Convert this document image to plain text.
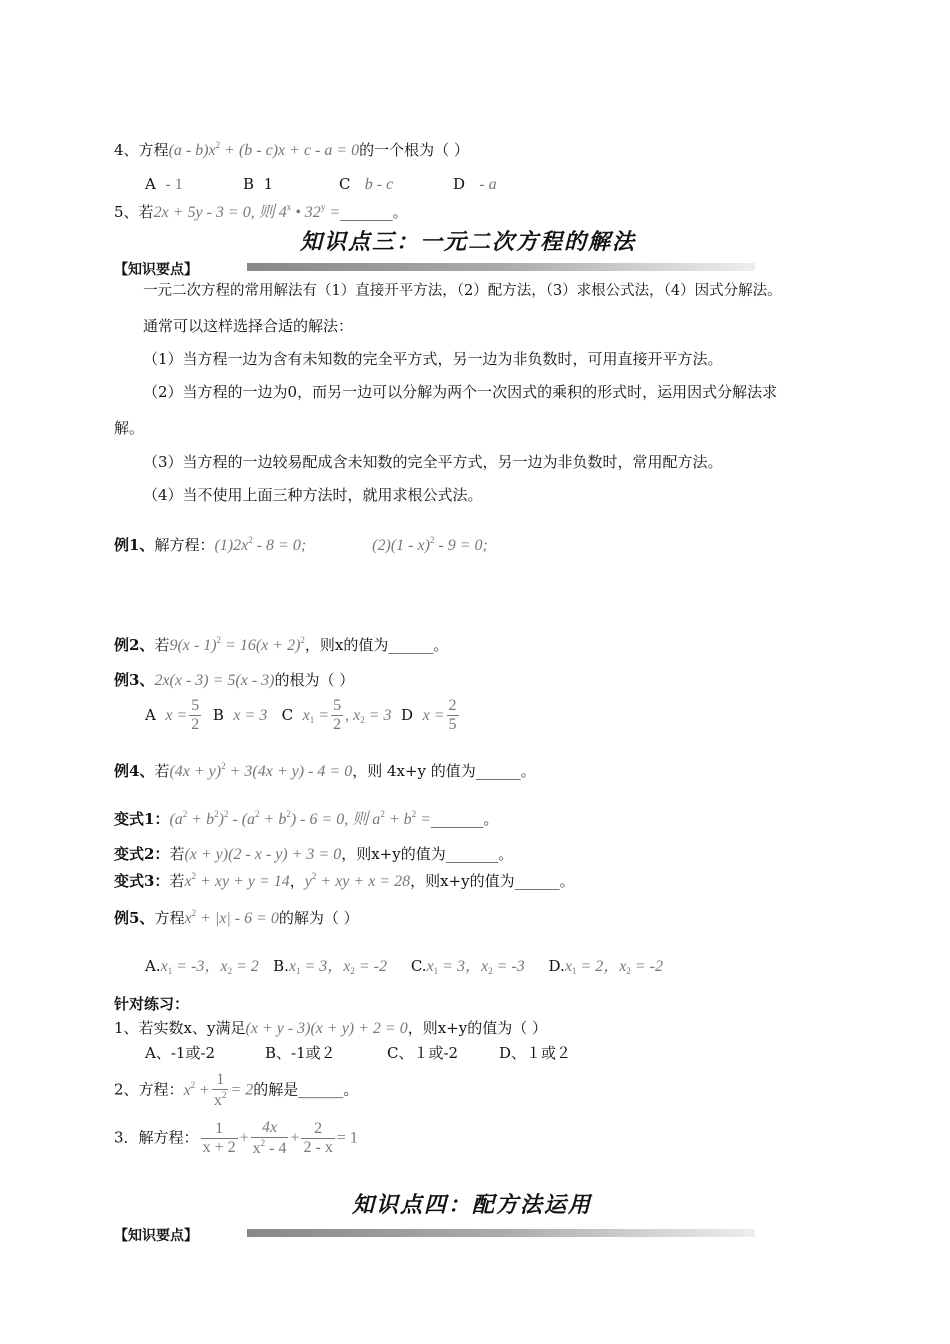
4、方程$(a - b)x^2 + (b - c)x + c - a = 0$的一个根为（ ）
A - 1	B 1	C b - c	D - a
5、若2x + 5y - 3 = 0, 则 4$^x$ • $32^y$ =_______。
知识点三：一元二次方程的解法
【知识要点】
一元二次方程的常用解法有（1）直接开平方法，（2）配方法，（3）求根公式法，（4）因式分解法。
通常可以这样选择合适的解法：
（1）当方程一边为含有未知数的完全平方式，另一边为非负数时，可用直接开平方法。
（2）当方程的一边为0，而另一边可以分解为两个一次因式的乘积的形式时，运用因式分解法求
解。
（3）当方程的一边较易配成含未知数的完全平方式，另一边为非负数时，常用配方法。
（4）当不使用上面三种方法时，就用求根公式法。
例1、解方程：$(1)2x^2 - 8 = 0$;	(2)(1 - x)$^2$ - 9 = 0;
例2、若$9(x - 1)^2 = 16(x + 2)^2$，则x的值为______。
例3、2x(x - 3) = 5(x - 3)的根为（ ）
A $x = \frac{5}{2}$ B x = 3 C $x_1 = \frac{5}{2}$ , $x_2 = 3$ D $x = \frac{2}{5}$
例4、若$(4x + y)^2 + 3(4x + y) - 4 = 0$，则 4x+y 的值为______。
变式1：$(a^2 + b^2)^2 - (a^2 + b^2) - 6 = 0$, 则 $a^2 + b^2$ =_______。
变式2：若(x + y)(2 - x - y) + 3 = 0，则x+y的值为_______。
变式3：若$x^2$ + xy + y = 14，$y^2$ + xy + x = 28，则x+y的值为______。
例5、方程$x^2 + |x| - 6 = 0$的解为（ ）
$A.x_1 = -3$，$x_2 = 2$ $B.x_1 = 3$，$x_2 = -2$ $C.x_1 = 3$，$x_2 = -3$ $D.x_1 = 2$，$x_2 = -2$
针对练习：
1、若实数x、y满足(x + y - 3)(x + y) + 2 = 0，则x+y的值为（ ）
A、-1或-2	B、-1或２	C、１或-2	D、１或２
2、方程：$x^2 + \frac{1}{x^2} = 2$的解是______。
3．解方程： $\frac{1}{x + 2} + \frac{4x}{x^2 - 4} + \frac{2}{2 - x} = 1$
知识点四：配方法运用
【知识要点】
